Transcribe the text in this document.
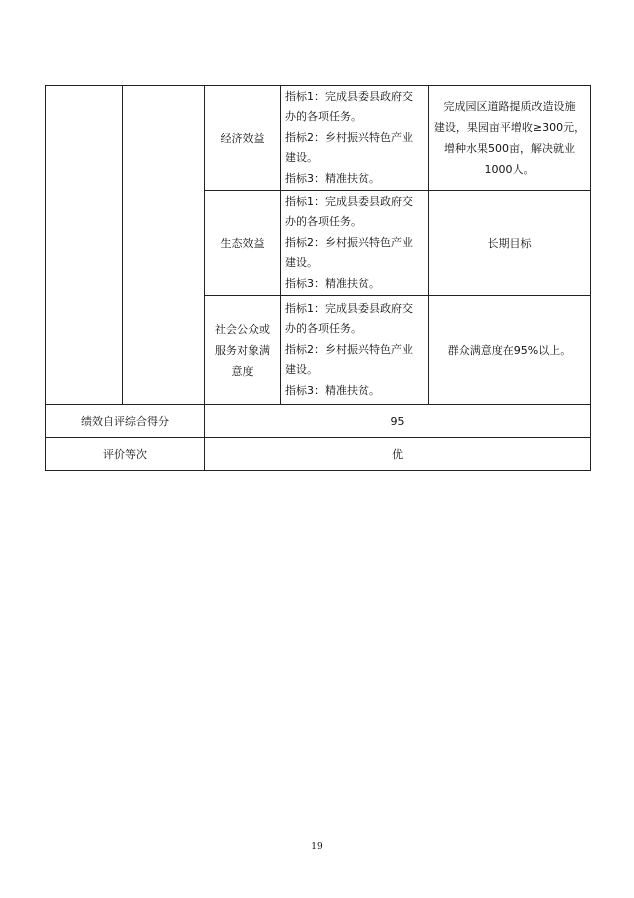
		经济效益	指标1：完成县委县政府交
办的各项任务。
指标2：乡村振兴特色产业
建设。
指标3：精准扶贫。	完成园区道路提质改造设施
建设，果园亩平增收≥300元，
增种水果500亩，解决就业
1000人。

		生态效益	指标1：完成县委县政府交
办的各项任务。
指标2：乡村振兴特色产业
建设。
指标3：精准扶贫。	长期目标

		社会公众或
服务对象满
意度	指标1：完成县委县政府交
办的各项任务。
指标2：乡村振兴特色产业
建设。
指标3：精准扶贫。	群众满意度在95%以上。

绩效自评综合得分		95		
评价等次		优		
19
